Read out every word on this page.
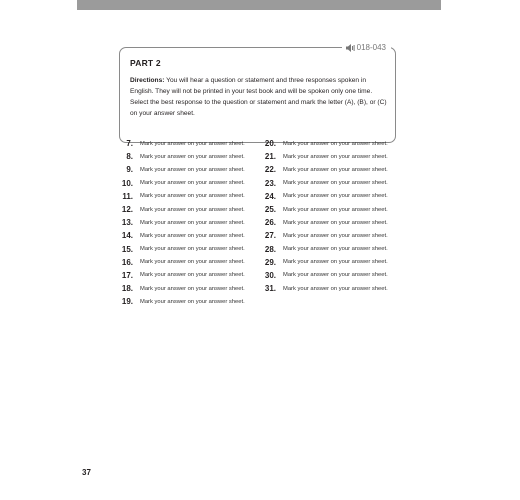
018-043
PART 2
Directions: You will hear a question or statement and three responses spoken in English. They will not be printed in your test book and will be spoken only one time. Select the best response to the question or statement and mark the letter (A), (B), or (C) on your answer sheet.
7. Mark your answer on your answer sheet.
8. Mark your answer on your answer sheet.
9. Mark your answer on your answer sheet.
10. Mark your answer on your answer sheet.
11. Mark your answer on your answer sheet.
12. Mark your answer on your answer sheet.
13. Mark your answer on your answer sheet.
14. Mark your answer on your answer sheet.
15. Mark your answer on your answer sheet.
16. Mark your answer on your answer sheet.
17. Mark your answer on your answer sheet.
18. Mark your answer on your answer sheet.
19. Mark your answer on your answer sheet.
20. Mark your answer on your answer sheet.
21. Mark your answer on your answer sheet.
22. Mark your answer on your answer sheet.
23. Mark your answer on your answer sheet.
24. Mark your answer on your answer sheet.
25. Mark your answer on your answer sheet.
26. Mark your answer on your answer sheet.
27. Mark your answer on your answer sheet.
28. Mark your answer on your answer sheet.
29. Mark your answer on your answer sheet.
30. Mark your answer on your answer sheet.
31. Mark your answer on your answer sheet.
37
